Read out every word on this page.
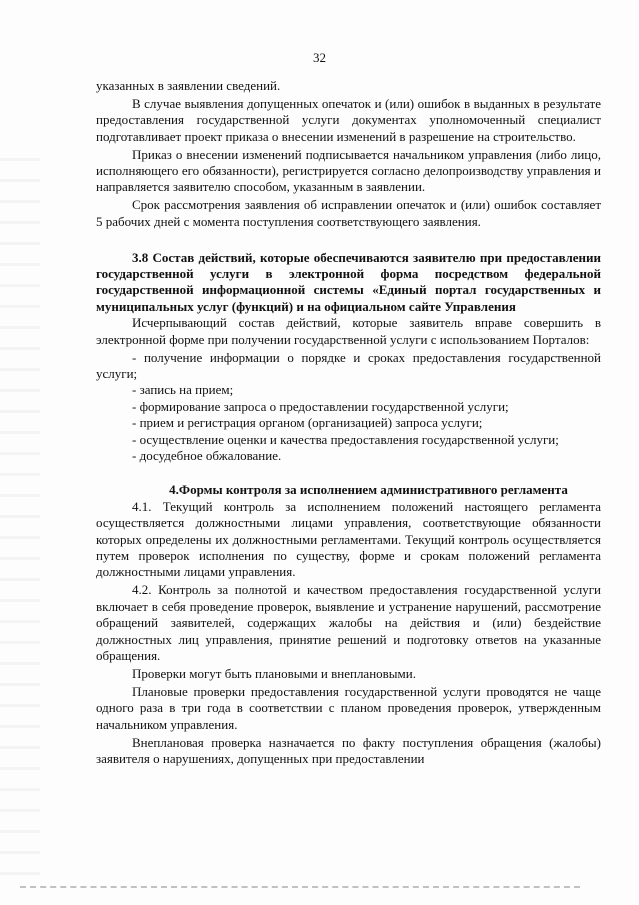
32

указанных в заявлении сведений.

В случае выявления допущенных опечаток и (или) ошибок в выданных в результате предоставления государственной услуги документах уполномоченный специалист подготавливает проект приказа о внесении изменений в разрешение на строительство.

Приказ о внесении изменений подписывается начальником управления (либо лицо, исполняющего его обязанности), регистрируется согласно делопроизводству управления и направляется заявителю способом, указанным в заявлении.

Срок рассмотрения заявления об исправлении опечаток и (или) ошибок составляет 5 рабочих дней с момента поступления соответствующего заявления.

3.8 Состав действий, которые обеспечиваются заявителю при предоставлении государственной услуги в электронной форма посредством федеральной государственной информационной системы «Единый портал государственных и муниципальных услуг (функций) и на официальном сайте Управления

Исчерпывающий состав действий, которые заявитель вправе совершить в электронной форме при получении государственной услуги с использованием Порталов:

- получение информации о порядке и сроках предоставления государственной услуги;

- запись на прием;

- формирование запроса о предоставлении государственной услуги;

- прием и регистрация органом (организацией) запроса услуги;

- осуществление оценки и качества предоставления государственной услуги;

- досудебное обжалование.

4.Формы контроля за исполнением административного регламента

4.1. Текущий контроль за исполнением положений настоящего регламента осуществляется должностными лицами управления, соответствующие обязанности которых определены их должностными регламентами. Текущий контроль осуществляется путем проверок исполнения по существу, форме и срокам положений регламента должностными лицами управления.

4.2. Контроль за полнотой и качеством предоставления государственной услуги включает в себя проведение проверок, выявление и устранение нарушений, рассмотрение обращений заявителей, содержащих жалобы на действия и (или) бездействие должностных лиц управления, принятие решений и подготовку ответов на указанные обращения.

Проверки могут быть плановыми и внеплановыми.

Плановые проверки предоставления государственной услуги проводятся не чаще одного раза в три года в соответствии с планом проведения проверок, утвержденным начальником управления.

Внеплановая проверка назначается по факту поступления обращения (жалобы) заявителя о нарушениях, допущенных при предоставлении
